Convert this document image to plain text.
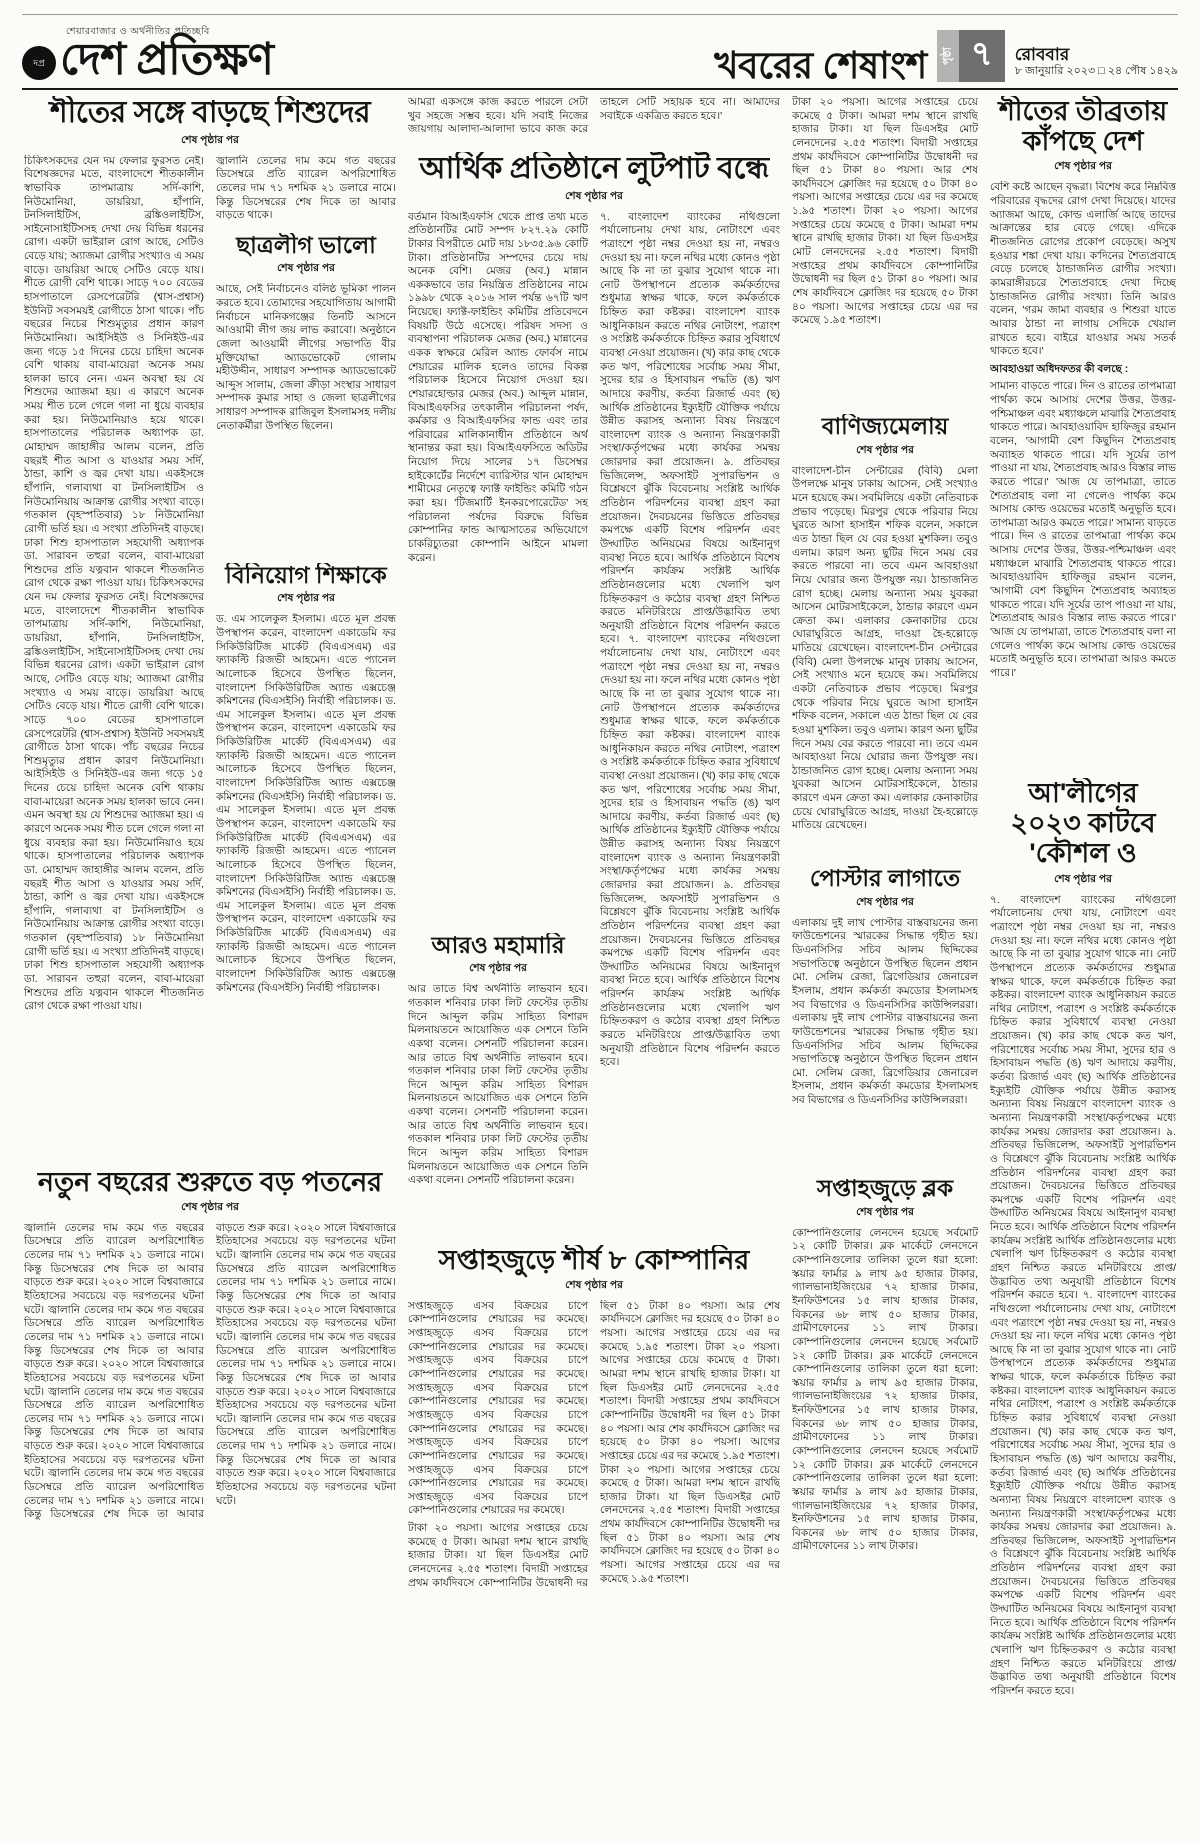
দপ্র
শেয়ারবাজার ও অর্থনীতির প্রতিচ্ছবি
দেশ প্রতিক্ষণ	খবরের শেষাংশ	পৃষ্ঠা ৭	রোববার
৮ জানুয়ারি ২০২৩ □ ২৪ পৌষ ১৪২৯
শীতের সঙ্গে বাড়ছে শিশুদের
শেষ পৃষ্ঠার পর
চিকিৎসকদের যেন দম ফেলার ফুরসত নেই। বিশেষজ্ঞদের মতে, বাংলাদেশে শীতকালীন স্বাভাবিক তাপমাত্রায় সর্দি-কাশি, নিউমোনিয়া, ডায়রিয়া, হাঁপানি, টনসিলাইটিস, ব্রঙ্কিওলাইটিস, সাইনোসাইটিসসহ দেখা দেয় বিভিন্ন ধরনের রোগ। একটা ভাইরাল রোগ আছে, সেটিও বেড়ে যায়; অ্যাজমা রোগীর সংখ্যাও এ সময় বাড়ে। ডায়রিয়া আছে সেটিও বেড়ে যায়। শীতে রোগী বেশি থাকে। সাড়ে ৭০০ বেডের হাসপাতালে রেসপেরেটরি (শ্বাস-প্রশ্বাস) ইউনিট সবসময়ই রোগীতে ঠাসা থাকে। পাঁচ বছরের নিচের শিশুমৃত্যুর প্রধান কারণ নিউমোনিয়া। আইসিইউ ও সিনিইউ-এর জন্য গড়ে ১৫ দিনের চেয়ে চাহিদা অনেক বেশি থাকায় বাবা-মায়েরা অনেক সময় হালকা ভাবে নেন। এমন অবস্থা হয় যে শিশুদের অ্যাজমা হয়। এ কারণে অনেক সময় শীত চলে গেলে গলা না ধুয়ে ব্যবহার করা হয়। নিউমোনিয়াও হয়ে থাকে। হাসপাতালের পরিচালক অধ্যাপক ডা. মোহাম্মদ জাহাঙ্গীর আলম বলেন, প্রতি বছরই শীত আসা ও যাওয়ার সময় সর্দি, ঠান্ডা, কাশি ও জ্বর দেখা যায়। একইসঙ্গে হাঁপানি, গলাব্যথা বা টনসিলাইটিস ও নিউমোনিয়ায় আক্রান্ত রোগীর সংখ্যা বাড়ে। গতকাল (বৃহস্পতিবার) ১৮ নিউমোনিয়া রোগী ভর্তি হয়। এ সংখ্যা প্রতিদিনই বাড়ছে। ঢাকা শিশু হাসপাতাল সহযোগী অধ্যাপক ডা. সারাবন তহুরা বলেন, বাবা-মায়েরা শিশুদের প্রতি যত্নবান থাকলে শীতজনিত রোগ থেকে রক্ষা পাওয়া যায়। চিকিৎসকদের যেন দম ফেলার ফুরসত নেই। বিশেষজ্ঞদের মতে, বাংলাদেশে শীতকালীন স্বাভাবিক তাপমাত্রায় সর্দি-কাশি, নিউমোনিয়া, ডায়রিয়া, হাঁপানি, টনসিলাইটিস, ব্রঙ্কিওলাইটিস, সাইনোসাইটিসসহ দেখা দেয় বিভিন্ন ধরনের রোগ। একটা ভাইরাল রোগ আছে, সেটিও বেড়ে যায়; অ্যাজমা রোগীর সংখ্যাও এ সময় বাড়ে। ডায়রিয়া আছে সেটিও বেড়ে যায়। শীতে রোগী বেশি থাকে। সাড়ে ৭০০ বেডের হাসপাতালে রেসপেরেটরি (শ্বাস-প্রশ্বাস) ইউনিট সবসময়ই রোগীতে ঠাসা থাকে। পাঁচ বছরের নিচের শিশুমৃত্যুর প্রধান কারণ নিউমোনিয়া। আইসিইউ ও সিনিইউ-এর জন্য গড়ে ১৫ দিনের চেয়ে চাহিদা অনেক বেশি থাকায় বাবা-মায়েরা অনেক সময় হালকা ভাবে নেন। এমন অবস্থা হয় যে শিশুদের অ্যাজমা হয়। এ কারণে অনেক সময় শীত চলে গেলে গলা না ধুয়ে ব্যবহার করা হয়। নিউমোনিয়াও হয়ে থাকে। হাসপাতালের পরিচালক অধ্যাপক ডা. মোহাম্মদ জাহাঙ্গীর আলম বলেন, প্রতি বছরই শীত আসা ও যাওয়ার সময় সর্দি, ঠান্ডা, কাশি ও জ্বর দেখা যায়। একইসঙ্গে হাঁপানি, গলাব্যথা বা টনসিলাইটিস ও নিউমোনিয়ায় আক্রান্ত রোগীর সংখ্যা বাড়ে। গতকাল (বৃহস্পতিবার) ১৮ নিউমোনিয়া রোগী ভর্তি হয়। এ সংখ্যা প্রতিদিনই বাড়ছে। ঢাকা শিশু হাসপাতাল সহযোগী অধ্যাপক ডা. সারাবন তহুরা বলেন, বাবা-মায়েরা শিশুদের প্রতি যত্নবান থাকলে শীতজনিত রোগ থেকে রক্ষা পাওয়া যায়।
জ্বালানি তেলের দাম কমে গত বছরের ডিসেম্বরে প্রতি ব্যারেল অপরিশোধিত তেলের দাম ৭১ দশমিক ২১ ডলারে নামে। কিন্তু ডিসেম্বরের শেষ দিকে তা আবার বাড়তে থাকে।
ছাত্রলীগ ভালো
শেষ পৃষ্ঠার পর
আছে, সেই নির্বাচনেও বলিষ্ঠ ভূমিকা পালন করতে হবে। তোমাদের সহযোগিতায় আগামী নির্বাচনে মানিকগঞ্জের তিনটি আসনে আওয়ামী লীগ জয় লাভ করাবো। অনুষ্ঠানে জেলা আওয়ামী লীগের সভাপতি বীর মুক্তিযোদ্ধা অ্যাডভোকেট গোলাম মহীউদ্দীন, সাধারণ সম্পাদক অ্যাডভোকেট আব্দুস সালাম, জেলা ক্রীড়া সংস্থার সাধারণ সম্পাদক কুমার সাহা ও জেলা ছাত্রলীগের সাধারণ সম্পাদক রাজিবুল ইসলামসহ দলীয় নেতাকর্মীরা উপস্থিত ছিলেন।
বিনিয়োগ শিক্ষাকে
শেষ পৃষ্ঠার পর
ড. এম সালেকুল ইসলাম। এতে মূল প্রবন্ধ উপস্থাপন করেন, বাংলাদেশ একাডেমি ফর সিকিউরিটিজ মার্কেট (বিএএসএম) এর ফ্যাকল্টি রিজভী আহমেদ। এতে প্যানেল আলোচক হিসেবে উপস্থিত ছিলেন, বাংলাদেশ সিকিউরিটিজ অ্যান্ড এক্সচেঞ্জ কমিশনের (বিএসইসি) নির্বাহী পরিচালক। ড. এম সালেকুল ইসলাম। এতে মূল প্রবন্ধ উপস্থাপন করেন, বাংলাদেশ একাডেমি ফর সিকিউরিটিজ মার্কেট (বিএএসএম) এর ফ্যাকল্টি রিজভী আহমেদ। এতে প্যানেল আলোচক হিসেবে উপস্থিত ছিলেন, বাংলাদেশ সিকিউরিটিজ অ্যান্ড এক্সচেঞ্জ কমিশনের (বিএসইসি) নির্বাহী পরিচালক। ড. এম সালেকুল ইসলাম। এতে মূল প্রবন্ধ উপস্থাপন করেন, বাংলাদেশ একাডেমি ফর সিকিউরিটিজ মার্কেট (বিএএসএম) এর ফ্যাকল্টি রিজভী আহমেদ। এতে প্যানেল আলোচক হিসেবে উপস্থিত ছিলেন, বাংলাদেশ সিকিউরিটিজ অ্যান্ড এক্সচেঞ্জ কমিশনের (বিএসইসি) নির্বাহী পরিচালক। ড. এম সালেকুল ইসলাম। এতে মূল প্রবন্ধ উপস্থাপন করেন, বাংলাদেশ একাডেমি ফর সিকিউরিটিজ মার্কেট (বিএএসএম) এর ফ্যাকল্টি রিজভী আহমেদ। এতে প্যানেল আলোচক হিসেবে উপস্থিত ছিলেন, বাংলাদেশ সিকিউরিটিজ অ্যান্ড এক্সচেঞ্জ কমিশনের (বিএসইসি) নির্বাহী পরিচালক।
নতুন বছরের শুরুতে বড় পতনের
শেষ পৃষ্ঠার পর
জ্বালানি তেলের দাম কমে গত বছরের ডিসেম্বরে প্রতি ব্যারেল অপরিশোধিত তেলের দাম ৭১ দশমিক ২১ ডলারে নামে। কিন্তু ডিসেম্বরের শেষ দিকে তা আবার বাড়তে শুরু করে। ২০২০ সালে বিশ্ববাজারে ইতিহাসের সবচেয়ে বড় দরপতনের ঘটনা ঘটে। জ্বালানি তেলের দাম কমে গত বছরের ডিসেম্বরে প্রতি ব্যারেল অপরিশোধিত তেলের দাম ৭১ দশমিক ২১ ডলারে নামে। কিন্তু ডিসেম্বরের শেষ দিকে তা আবার বাড়তে শুরু করে। ২০২০ সালে বিশ্ববাজারে ইতিহাসের সবচেয়ে বড় দরপতনের ঘটনা ঘটে। জ্বালানি তেলের দাম কমে গত বছরের ডিসেম্বরে প্রতি ব্যারেল অপরিশোধিত তেলের দাম ৭১ দশমিক ২১ ডলারে নামে। কিন্তু ডিসেম্বরের শেষ দিকে তা আবার বাড়তে শুরু করে। ২০২০ সালে বিশ্ববাজারে ইতিহাসের সবচেয়ে বড় দরপতনের ঘটনা ঘটে। জ্বালানি তেলের দাম কমে গত বছরের ডিসেম্বরে প্রতি ব্যারেল অপরিশোধিত তেলের দাম ৭১ দশমিক ২১ ডলারে নামে। কিন্তু ডিসেম্বরের শেষ দিকে তা আবার বাড়তে শুরু করে। ২০২০ সালে বিশ্ববাজারে ইতিহাসের সবচেয়ে বড় দরপতনের ঘটনা ঘটে। জ্বালানি তেলের দাম কমে গত বছরের ডিসেম্বরে প্রতি ব্যারেল অপরিশোধিত তেলের দাম ৭১ দশমিক ২১ ডলারে নামে। কিন্তু ডিসেম্বরের শেষ দিকে তা আবার বাড়তে শুরু করে। ২০২০ সালে বিশ্ববাজারে ইতিহাসের সবচেয়ে বড় দরপতনের ঘটনা ঘটে। জ্বালানি তেলের দাম কমে গত বছরের ডিসেম্বরে প্রতি ব্যারেল অপরিশোধিত তেলের দাম ৭১ দশমিক ২১ ডলারে নামে। কিন্তু ডিসেম্বরের শেষ দিকে তা আবার বাড়তে শুরু করে। ২০২০ সালে বিশ্ববাজারে ইতিহাসের সবচেয়ে বড় দরপতনের ঘটনা ঘটে। জ্বালানি তেলের দাম কমে গত বছরের ডিসেম্বরে প্রতি ব্যারেল অপরিশোধিত তেলের দাম ৭১ দশমিক ২১ ডলারে নামে। কিন্তু ডিসেম্বরের শেষ দিকে তা আবার বাড়তে শুরু করে। ২০২০ সালে বিশ্ববাজারে ইতিহাসের সবচেয়ে বড় দরপতনের ঘটনা ঘটে।
আমরা একসঙ্গে কাজ করতে পারলে সেটা খুব সহজে সম্ভব হবে। যদি সবাই নিজের জায়গায় আলাদা-আলাদা ভাবে কাজ করে তাহলে সেটি সহায়ক হবে না। আমাদের সবাইকে একত্রিত করতে হবে।'
আর্থিক প্রতিষ্ঠানে লুটপাট বন্ধে
শেষ পৃষ্ঠার পর
বর্তমান বিআইএফসি থেকে প্রাপ্ত তথ্য মতে প্রতিষ্ঠানটির মোট সম্পদ ৮২৭.২৯ কোটি টাকার বিপরীতে মোট দায় ১৮৩৫.৯৬ কোটি টাকা। প্রতিষ্ঠানটির সম্পদের চেয়ে দায় অনেক বেশি। মেজর (অব.) মান্নান এককভাবে তার নিয়ন্ত্রিত প্রতিষ্ঠানের নামে ১৯৯৮ থেকে ২০১৬ সাল পর্যন্ত ৬৭টি ঋণ নিয়েছে। ফ্যাক্ট-ফাইন্ডিং কমিটির প্রতিবেদনে বিষয়টি উঠে এসেছে। পরিষদ সদস্য ও ব্যবস্থাপনা পরিচালক মেজর (অব.) মান্নানের একক স্বাক্ষরে মেরিল অ্যান্ড ফোর্বস নামে শেয়ারের মালিক হলেও তাদের বিকল্প পরিচালক হিসেবে নিয়োগ দেওয়া হয়। শেয়ারহোল্ডার মেজর (অব.) আব্দুল মান্নান, বিআইএফসির তৎকালীন পরিচালনা পর্ষদ, কর্মকার ও বিআইএফসির ফান্ড এবং তার পরিবারের মালিকানাধীন প্রতিষ্ঠানে অর্থ স্থানান্তর করা হয়। বিআইএফসিতে অডিটর নিয়োগ দিয়ে সালের ১৭ ডিসেম্বর হাইকোর্টের নির্দেশে ব্যারিস্টার খান মোহাম্মদ শামীমের নেতৃত্বে ফ্যাক্ট ফাইন্ডিং কমিটি গঠন করা হয়। 'টিজমার্টি ইনকরপোরেটেড' সহ পরিচালনা পর্ষদের বিরুদ্ধে বিভিন্ন কোম্পানির ফান্ড আত্মসাতের অভিযোগে চাকরিচ্যুতরা কোম্পানি আইনে মামলা করেন।
আরও মহামারি
শেষ পৃষ্ঠার পর
আর তাতে বিশ্ব অর্থনীতি লাভবান হবে। গতকাল শনিবার ঢাকা লিট ফেস্টের তৃতীয় দিনে আব্দুল করিম সাহিত্য বিশারদ মিলনায়তনে আয়োজিত এক সেশনে তিনি একথা বলেন। সেশনটি পরিচালনা করেন। আর তাতে বিশ্ব অর্থনীতি লাভবান হবে। গতকাল শনিবার ঢাকা লিট ফেস্টের তৃতীয় দিনে আব্দুল করিম সাহিত্য বিশারদ মিলনায়তনে আয়োজিত এক সেশনে তিনি একথা বলেন। সেশনটি পরিচালনা করেন। আর তাতে বিশ্ব অর্থনীতি লাভবান হবে। গতকাল শনিবার ঢাকা লিট ফেস্টের তৃতীয় দিনে আব্দুল করিম সাহিত্য বিশারদ মিলনায়তনে আয়োজিত এক সেশনে তিনি একথা বলেন। সেশনটি পরিচালনা করেন।
৭. বাংলাদেশ ব্যাংকের নথিগুলো পর্যালোচনায় দেখা যায়, নোটাংশে এবং পত্রাংশে পৃষ্ঠা নম্বর দেওয়া হয় না, নম্বরও দেওয়া হয় না। ফলে নথির মধ্যে কোনও পৃষ্ঠা আছে কি না তা বুঝার সুযোগ থাকে না। নোট উপস্থাপনে প্রত্যেক কর্মকর্তাদের শুধুমাত্র স্বাক্ষর থাকে, ফলে কর্মকর্তাকে চিহ্নিত করা কষ্টকর। বাংলাদেশ ব্যাংক আধুনিকায়ন করতে নথির নোটাংশ, পত্রাংশ ও সংশ্লিষ্ট কর্মকর্তাকে চিহ্নিত করার সুবিধার্থে ব্যবস্থা নেওয়া প্রয়োজন। (খ) কার কাছ থেকে কত ঋণ, পরিশোধের সর্বোচ্চ সময় সীমা, সুদের হার ও হিসাবায়ন পদ্ধতি (ঙ) ঋণ আদায়ে করণীয়, কর্তব্য রিজার্ভ এবং (ছ) আর্থিক প্রতিষ্ঠানের ইক্যুইটি যৌক্তিক পর্যায়ে উন্নীত করাসহ অন্যান্য বিষয় নিয়ন্ত্রণে বাংলাদেশ ব্যাংক ও অন্যান্য নিয়ন্ত্রণকারী সংস্থা/কর্তৃপক্ষের মধ্যে কার্যকর সমন্বয় জোরদার করা প্রয়োজন। ৯. প্রতিবছর ভিজিলেন্স, অফসাইট সুপারভিশন ও বিশ্লেষণে ঝুঁকি বিবেচনায় সংশ্লিষ্ট আর্থিক প্রতিষ্ঠান পরিদর্শনের ব্যবস্থা গ্রহণ করা প্রয়োজন। দৈবচয়নের ভিত্তিতে প্রতিবছর কমপক্ষে একটি বিশেষ পরিদর্শন এবং উদ্ঘাটিত অনিয়মের বিষয়ে আইনানুগ ব্যবস্থা নিতে হবে। আর্থিক প্রতিষ্ঠানে বিশেষ পরিদর্শন কার্যক্রম সংশ্লিষ্ট আর্থিক প্রতিষ্ঠানগুলোর মধ্যে খেলাপি ঋণ চিহ্নিতকরণ ও কঠোর ব্যবস্থা গ্রহণ নিশ্চিত করতে মনিটরিংয়ে প্রাপ্ত/উদ্ভাবিত তথ্য অনুযায়ী প্রতিষ্ঠানে বিশেষ পরিদর্শন করতে হবে। ৭. বাংলাদেশ ব্যাংকের নথিগুলো পর্যালোচনায় দেখা যায়, নোটাংশে এবং পত্রাংশে পৃষ্ঠা নম্বর দেওয়া হয় না, নম্বরও দেওয়া হয় না। ফলে নথির মধ্যে কোনও পৃষ্ঠা আছে কি না তা বুঝার সুযোগ থাকে না। নোট উপস্থাপনে প্রত্যেক কর্মকর্তাদের শুধুমাত্র স্বাক্ষর থাকে, ফলে কর্মকর্তাকে চিহ্নিত করা কষ্টকর। বাংলাদেশ ব্যাংক আধুনিকায়ন করতে নথির নোটাংশ, পত্রাংশ ও সংশ্লিষ্ট কর্মকর্তাকে চিহ্নিত করার সুবিধার্থে ব্যবস্থা নেওয়া প্রয়োজন। (খ) কার কাছ থেকে কত ঋণ, পরিশোধের সর্বোচ্চ সময় সীমা, সুদের হার ও হিসাবায়ন পদ্ধতি (ঙ) ঋণ আদায়ে করণীয়, কর্তব্য রিজার্ভ এবং (ছ) আর্থিক প্রতিষ্ঠানের ইক্যুইটি যৌক্তিক পর্যায়ে উন্নীত করাসহ অন্যান্য বিষয় নিয়ন্ত্রণে বাংলাদেশ ব্যাংক ও অন্যান্য নিয়ন্ত্রণকারী সংস্থা/কর্তৃপক্ষের মধ্যে কার্যকর সমন্বয় জোরদার করা প্রয়োজন। ৯. প্রতিবছর ভিজিলেন্স, অফসাইট সুপারভিশন ও বিশ্লেষণে ঝুঁকি বিবেচনায় সংশ্লিষ্ট আর্থিক প্রতিষ্ঠান পরিদর্শনের ব্যবস্থা গ্রহণ করা প্রয়োজন। দৈবচয়নের ভিত্তিতে প্রতিবছর কমপক্ষে একটি বিশেষ পরিদর্শন এবং উদ্ঘাটিত অনিয়মের বিষয়ে আইনানুগ ব্যবস্থা নিতে হবে। আর্থিক প্রতিষ্ঠানে বিশেষ পরিদর্শন কার্যক্রম সংশ্লিষ্ট আর্থিক প্রতিষ্ঠানগুলোর মধ্যে খেলাপি ঋণ চিহ্নিতকরণ ও কঠোর ব্যবস্থা গ্রহণ নিশ্চিত করতে মনিটরিংয়ে প্রাপ্ত/উদ্ভাবিত তথ্য অনুযায়ী প্রতিষ্ঠানে বিশেষ পরিদর্শন করতে হবে।
সপ্তাহজুড়ে শীর্ষ ৮ কোম্পানির
শেষ পৃষ্ঠার পর

সপ্তাহজুড়ে এসব বিক্রয়ের চাপে কোম্পানিগুলোর শেয়ারের দর কমেছে। সপ্তাহজুড়ে এসব বিক্রয়ের চাপে কোম্পানিগুলোর শেয়ারের দর কমেছে। সপ্তাহজুড়ে এসব বিক্রয়ের চাপে কোম্পানিগুলোর শেয়ারের দর কমেছে। সপ্তাহজুড়ে এসব বিক্রয়ের চাপে কোম্পানিগুলোর শেয়ারের দর কমেছে। সপ্তাহজুড়ে এসব বিক্রয়ের চাপে কোম্পানিগুলোর শেয়ারের দর কমেছে। সপ্তাহজুড়ে এসব বিক্রয়ের চাপে কোম্পানিগুলোর শেয়ারের দর কমেছে। সপ্তাহজুড়ে এসব বিক্রয়ের চাপে কোম্পানিগুলোর শেয়ারের দর কমেছে। সপ্তাহজুড়ে এসব বিক্রয়ের চাপে কোম্পানিগুলোর শেয়ারের দর কমেছে।

টাকা ২০ পয়সা। আগের সপ্তাহের চেয়ে কমেছে ৫ টাকা। আমরা দশম স্থানে রাখছি হাজার টাকা। যা ছিল ডিএসইর মোট লেনদেনের ২.৫৫ শতাংশ। বিদায়ী সপ্তাহের প্রথম কার্যদিবসে কোম্পানিটির উদ্বোধনী দর ছিল ৫১ টাকা ৪০ পয়সা। আর শেষ কার্যদিবসে ক্লোজিং দর হয়েছে ৫০ টাকা ৪০ পয়সা। আগের সপ্তাহের চেয়ে এর দর কমেছে ১.৯৫ শতাংশ। টাকা ২০ পয়সা। আগের সপ্তাহের চেয়ে কমেছে ৫ টাকা। আমরা দশম স্থানে রাখছি হাজার টাকা। যা ছিল ডিএসইর মোট লেনদেনের ২.৫৫ শতাংশ। বিদায়ী সপ্তাহের প্রথম কার্যদিবসে কোম্পানিটির উদ্বোধনী দর ছিল ৫১ টাকা ৪০ পয়সা। আর শেষ কার্যদিবসে ক্লোজিং দর হয়েছে ৫০ টাকা ৪০ পয়সা। আগের সপ্তাহের চেয়ে এর দর কমেছে ১.৯৫ শতাংশ। টাকা ২০ পয়সা। আগের সপ্তাহের চেয়ে কমেছে ৫ টাকা। আমরা দশম স্থানে রাখছি হাজার টাকা। যা ছিল ডিএসইর মোট লেনদেনের ২.৫৫ শতাংশ। বিদায়ী সপ্তাহের প্রথম কার্যদিবসে কোম্পানিটির উদ্বোধনী দর ছিল ৫১ টাকা ৪০ পয়সা। আর শেষ কার্যদিবসে ক্লোজিং দর হয়েছে ৫০ টাকা ৪০ পয়সা। আগের সপ্তাহের চেয়ে এর দর কমেছে ১.৯৫ শতাংশ।

টাকা ২০ পয়সা। আগের সপ্তাহের চেয়ে কমেছে ৫ টাকা। আমরা দশম স্থানে রাখছি হাজার টাকা। যা ছিল ডিএসইর মোট লেনদেনের ২.৫৫ শতাংশ। বিদায়ী সপ্তাহের প্রথম কার্যদিবসে কোম্পানিটির উদ্বোধনী দর ছিল ৫১ টাকা ৪০ পয়সা। আর শেষ কার্যদিবসে ক্লোজিং দর হয়েছে ৫০ টাকা ৪০ পয়সা। আগের সপ্তাহের চেয়ে এর দর কমেছে ১.৯৫ শতাংশ। টাকা ২০ পয়সা। আগের সপ্তাহের চেয়ে কমেছে ৫ টাকা। আমরা দশম স্থানে রাখছি হাজার টাকা। যা ছিল ডিএসইর মোট লেনদেনের ২.৫৫ শতাংশ। বিদায়ী সপ্তাহের প্রথম কার্যদিবসে কোম্পানিটির উদ্বোধনী দর ছিল ৫১ টাকা ৪০ পয়সা। আর শেষ কার্যদিবসে ক্লোজিং দর হয়েছে ৫০ টাকা ৪০ পয়সা। আগের সপ্তাহের চেয়ে এর দর কমেছে ১.৯৫ শতাংশ।
বাণিজ্যমেলায়
শেষ পৃষ্ঠার পর
বাংলাদেশ-চীন সেন্টারের (বিবি) মেলা উপলক্ষে মানুষ ঢাকায় আসেন, সেই সংখ্যাও মনে হয়েছে কম। সবমিলিয়ে একটা নেতিবাচক প্রভাব পড়েছে। মিরপুর থেকে পরিবার নিয়ে ঘুরতে আসা হাসাইন শফিক বলেন, সকালে এত ঠান্ডা ছিল যে বের হওয়া মুশকিল। তবুও এলাম। কারণ অন্য ছুটির দিনে সময় বের করতে পারবো না। তবে এমন আবহাওয়া নিয়ে ঘোরার জন্য উপযুক্ত নয়। ঠান্ডাজনিত রোগ হচ্ছে। মেলায় অন্যান্য সময় যুবকরা আসেন মোটরসাইকেলে, ঠান্ডার কারণে এমন ক্রেতা কম। এলাকার কেনাকাটার চেয়ে ঘোরাঘুরিতে আগ্রহ, দাওয়া হৈ-হল্লোড়ে মাতিয়ে রেখেছেন। বাংলাদেশ-চীন সেন্টারের (বিবি) মেলা উপলক্ষে মানুষ ঢাকায় আসেন, সেই সংখ্যাও মনে হয়েছে কম। সবমিলিয়ে একটা নেতিবাচক প্রভাব পড়েছে। মিরপুর থেকে পরিবার নিয়ে ঘুরতে আসা হাসাইন শফিক বলেন, সকালে এত ঠান্ডা ছিল যে বের হওয়া মুশকিল। তবুও এলাম। কারণ অন্য ছুটির দিনে সময় বের করতে পারবো না। তবে এমন আবহাওয়া নিয়ে ঘোরার জন্য উপযুক্ত নয়। ঠান্ডাজনিত রোগ হচ্ছে। মেলায় অন্যান্য সময় যুবকরা আসেন মোটরসাইকেলে, ঠান্ডার কারণে এমন ক্রেতা কম। এলাকার কেনাকাটার চেয়ে ঘোরাঘুরিতে আগ্রহ, দাওয়া হৈ-হল্লোড়ে মাতিয়ে রেখেছেন।
পোস্টার লাগাতে
শেষ পৃষ্ঠার পর
এলাকায় দুই লাখ পোস্টার বাস্তবায়নের জন্য ফাউন্ডেশনের স্মারকের সিদ্ধান্ত গৃহীত হয়। ডিএনসিসির সচিব আলম ছিদ্দিকের সভাপতিত্বে অনুষ্ঠানে উপস্থিত ছিলেন প্রধান মো. সেলিম রেজা, ব্রিগেডিয়ার জেনারেল ইসলাম, প্রধান কর্মকর্তা কমডোর ইসলামসহ সব বিভাগের ও ডিএনসিসির কাউন্সিলররা। এলাকায় দুই লাখ পোস্টার বাস্তবায়নের জন্য ফাউন্ডেশনের স্মারকের সিদ্ধান্ত গৃহীত হয়। ডিএনসিসির সচিব আলম ছিদ্দিকের সভাপতিত্বে অনুষ্ঠানে উপস্থিত ছিলেন প্রধান মো. সেলিম রেজা, ব্রিগেডিয়ার জেনারেল ইসলাম, প্রধান কর্মকর্তা কমডোর ইসলামসহ সব বিভাগের ও ডিএনসিসির কাউন্সিলররা।
সপ্তাহজুড়ে ব্লক
শেষ পৃষ্ঠার পর
কোম্পানিগুলোর লেনদেন হয়েছে সর্বমোট ১২ কোটি টাকার। ব্লক মার্কেটে লেনদেনে কোম্পানিগুলোর তালিকা তুলে ধরা হলো: স্কয়ার ফার্মার ৯ লাখ ৯৫ হাজার টাকার, গ্যালভানাইজিংয়ের ৭২ হাজার টাকার, ইনফিউশনের ১৫ লাখ হাজার টাকার, বিকনের ৬৮ লাখ ৫০ হাজার টাকার, গ্রামীণফোনের ১১ লাখ টাকার। কোম্পানিগুলোর লেনদেন হয়েছে সর্বমোট ১২ কোটি টাকার। ব্লক মার্কেটে লেনদেনে কোম্পানিগুলোর তালিকা তুলে ধরা হলো: স্কয়ার ফার্মার ৯ লাখ ৯৫ হাজার টাকার, গ্যালভানাইজিংয়ের ৭২ হাজার টাকার, ইনফিউশনের ১৫ লাখ হাজার টাকার, বিকনের ৬৮ লাখ ৫০ হাজার টাকার, গ্রামীণফোনের ১১ লাখ টাকার। কোম্পানিগুলোর লেনদেন হয়েছে সর্বমোট ১২ কোটি টাকার। ব্লক মার্কেটে লেনদেনে কোম্পানিগুলোর তালিকা তুলে ধরা হলো: স্কয়ার ফার্মার ৯ লাখ ৯৫ হাজার টাকার, গ্যালভানাইজিংয়ের ৭২ হাজার টাকার, ইনফিউশনের ১৫ লাখ হাজার টাকার, বিকনের ৬৮ লাখ ৫০ হাজার টাকার, গ্রামীণফোনের ১১ লাখ টাকার।
শীতের তীব্রতায় কাঁপছে দেশ
শেষ পৃষ্ঠার পর

বেশি কষ্টে আছেন বৃদ্ধরা। বিশেষ করে নিম্নবিত্ত পরিবারের বৃদ্ধদের রোগ দেখা দিয়েছে। যাদের অ্যাজমা আছে, কোল্ড এলার্জি আছে তাদের আক্রান্তের হার বেড়ে গেছে। এদিকে শীতজনিত রোগের প্রকোপ বেড়েছে। অসুখ হওয়ার শঙ্কা দেখা যায়। ক'দিনের শৈত্যপ্রবাহে বেড়ে চলেছে ঠান্ডাজনিত রোগীর সংখ্যা। কামরাঙ্গীরচরে শৈত্যপ্রবাহে দেখা দিচ্ছে ঠান্ডাজনিত রোগীর সংখ্যা। তিনি আরও বলেন, 'গরম জামা ব্যবহার ও শিশুরা যাতে আবার ঠান্ডা না লাগায় সেদিকে খেয়াল রাখতে হবে। বাইরে যাওয়ার সময় সতর্ক থাকতে হবে।'

আবহাওয়া অধিদফতর কী বলছে :

সামান্য বাড়তে পারে। দিন ও রাতের তাপমাত্রা পার্থক্য কমে আসায় দেশের উত্তর, উত্তর-পশ্চিমাঞ্চল এবং মধ্যাঞ্চলে মাঝারি শৈত্যপ্রবাহ থাকতে পারে। আবহাওয়াবিদ হাফিজুর রহমান বলেন, 'আগামী বেশ কিছুদিন শৈত্যপ্রবাহ অব্যাহত থাকতে পারে। যদি সূর্যের তাপ পাওয়া না যায়, শৈত্যপ্রবাহ আরও বিস্তার লাভ করতে পারে।' 'আজ যে তাপমাত্রা, তাতে শৈত্যপ্রবাহ বলা না গেলেও পার্থক্য কমে আসায় কোল্ড ওয়েভের মতোই অনুভূতি হবে। তাপমাত্রা আরও কমতে পারে।' সামান্য বাড়তে পারে। দিন ও রাতের তাপমাত্রা পার্থক্য কমে আসায় দেশের উত্তর, উত্তর-পশ্চিমাঞ্চল এবং মধ্যাঞ্চলে মাঝারি শৈত্যপ্রবাহ থাকতে পারে। আবহাওয়াবিদ হাফিজুর রহমান বলেন, 'আগামী বেশ কিছুদিন শৈত্যপ্রবাহ অব্যাহত থাকতে পারে। যদি সূর্যের তাপ পাওয়া না যায়, শৈত্যপ্রবাহ আরও বিস্তার লাভ করতে পারে।' 'আজ যে তাপমাত্রা, তাতে শৈত্যপ্রবাহ বলা না গেলেও পার্থক্য কমে আসায় কোল্ড ওয়েভের মতোই অনুভূতি হবে। তাপমাত্রা আরও কমতে পারে।'

আ'লীগের ২০২৩ কাটবে 'কৌশল ও
শেষ পৃষ্ঠার পর
৭. বাংলাদেশ ব্যাংকের নথিগুলো পর্যালোচনায় দেখা যায়, নোটাংশে এবং পত্রাংশে পৃষ্ঠা নম্বর দেওয়া হয় না, নম্বরও দেওয়া হয় না। ফলে নথির মধ্যে কোনও পৃষ্ঠা আছে কি না তা বুঝার সুযোগ থাকে না। নোট উপস্থাপনে প্রত্যেক কর্মকর্তাদের শুধুমাত্র স্বাক্ষর থাকে, ফলে কর্মকর্তাকে চিহ্নিত করা কষ্টকর। বাংলাদেশ ব্যাংক আধুনিকায়ন করতে নথির নোটাংশ, পত্রাংশ ও সংশ্লিষ্ট কর্মকর্তাকে চিহ্নিত করার সুবিধার্থে ব্যবস্থা নেওয়া প্রয়োজন। (খ) কার কাছ থেকে কত ঋণ, পরিশোধের সর্বোচ্চ সময় সীমা, সুদের হার ও হিসাবায়ন পদ্ধতি (ঙ) ঋণ আদায়ে করণীয়, কর্তব্য রিজার্ভ এবং (ছ) আর্থিক প্রতিষ্ঠানের ইক্যুইটি যৌক্তিক পর্যায়ে উন্নীত করাসহ অন্যান্য বিষয় নিয়ন্ত্রণে বাংলাদেশ ব্যাংক ও অন্যান্য নিয়ন্ত্রণকারী সংস্থা/কর্তৃপক্ষের মধ্যে কার্যকর সমন্বয় জোরদার করা প্রয়োজন। ৯. প্রতিবছর ভিজিলেন্স, অফসাইট সুপারভিশন ও বিশ্লেষণে ঝুঁকি বিবেচনায় সংশ্লিষ্ট আর্থিক প্রতিষ্ঠান পরিদর্শনের ব্যবস্থা গ্রহণ করা প্রয়োজন। দৈবচয়নের ভিত্তিতে প্রতিবছর কমপক্ষে একটি বিশেষ পরিদর্শন এবং উদ্ঘাটিত অনিয়মের বিষয়ে আইনানুগ ব্যবস্থা নিতে হবে। আর্থিক প্রতিষ্ঠানে বিশেষ পরিদর্শন কার্যক্রম সংশ্লিষ্ট আর্থিক প্রতিষ্ঠানগুলোর মধ্যে খেলাপি ঋণ চিহ্নিতকরণ ও কঠোর ব্যবস্থা গ্রহণ নিশ্চিত করতে মনিটরিংয়ে প্রাপ্ত/উদ্ভাবিত তথ্য অনুযায়ী প্রতিষ্ঠানে বিশেষ পরিদর্শন করতে হবে। ৭. বাংলাদেশ ব্যাংকের নথিগুলো পর্যালোচনায় দেখা যায়, নোটাংশে এবং পত্রাংশে পৃষ্ঠা নম্বর দেওয়া হয় না, নম্বরও দেওয়া হয় না। ফলে নথির মধ্যে কোনও পৃষ্ঠা আছে কি না তা বুঝার সুযোগ থাকে না। নোট উপস্থাপনে প্রত্যেক কর্মকর্তাদের শুধুমাত্র স্বাক্ষর থাকে, ফলে কর্মকর্তাকে চিহ্নিত করা কষ্টকর। বাংলাদেশ ব্যাংক আধুনিকায়ন করতে নথির নোটাংশ, পত্রাংশ ও সংশ্লিষ্ট কর্মকর্তাকে চিহ্নিত করার সুবিধার্থে ব্যবস্থা নেওয়া প্রয়োজন। (খ) কার কাছ থেকে কত ঋণ, পরিশোধের সর্বোচ্চ সময় সীমা, সুদের হার ও হিসাবায়ন পদ্ধতি (ঙ) ঋণ আদায়ে করণীয়, কর্তব্য রিজার্ভ এবং (ছ) আর্থিক প্রতিষ্ঠানের ইক্যুইটি যৌক্তিক পর্যায়ে উন্নীত করাসহ অন্যান্য বিষয় নিয়ন্ত্রণে বাংলাদেশ ব্যাংক ও অন্যান্য নিয়ন্ত্রণকারী সংস্থা/কর্তৃপক্ষের মধ্যে কার্যকর সমন্বয় জোরদার করা প্রয়োজন। ৯. প্রতিবছর ভিজিলেন্স, অফসাইট সুপারভিশন ও বিশ্লেষণে ঝুঁকি বিবেচনায় সংশ্লিষ্ট আর্থিক প্রতিষ্ঠান পরিদর্শনের ব্যবস্থা গ্রহণ করা প্রয়োজন। দৈবচয়নের ভিত্তিতে প্রতিবছর কমপক্ষে একটি বিশেষ পরিদর্শন এবং উদ্ঘাটিত অনিয়মের বিষয়ে আইনানুগ ব্যবস্থা নিতে হবে। আর্থিক প্রতিষ্ঠানে বিশেষ পরিদর্শন কার্যক্রম সংশ্লিষ্ট আর্থিক প্রতিষ্ঠানগুলোর মধ্যে খেলাপি ঋণ চিহ্নিতকরণ ও কঠোর ব্যবস্থা গ্রহণ নিশ্চিত করতে মনিটরিংয়ে প্রাপ্ত/উদ্ভাবিত তথ্য অনুযায়ী প্রতিষ্ঠানে বিশেষ পরিদর্শন করতে হবে।
